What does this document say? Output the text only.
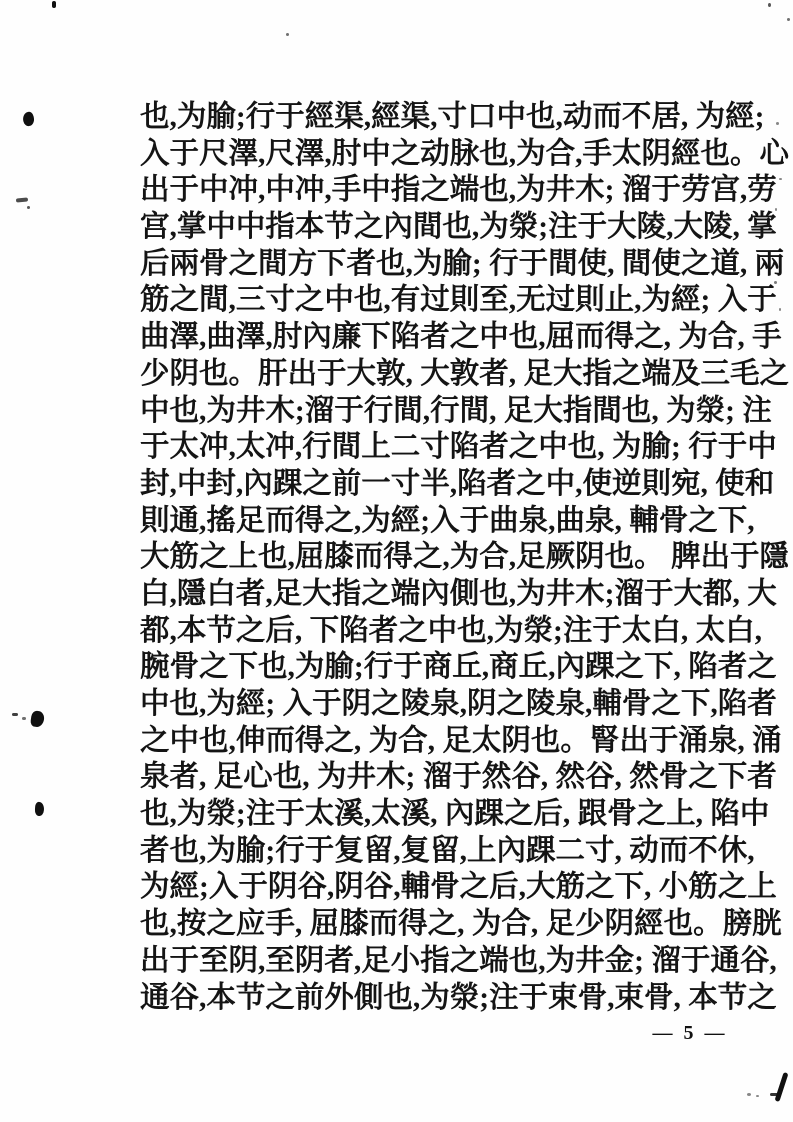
也,为腧;行于經渠,經渠,寸口中也,动而不居, 为經;
入于尺澤,尺澤,肘中之动脉也,为合,手太阴經也。心
出于中冲,中冲,手中指之端也,为井木; 溜于劳宫,劳
宫,掌中中指本节之內間也,为滎;注于大陵,大陵, 掌
后兩骨之間方下者也,为腧; 行于間使, 間使之道, 兩
筋之間,三寸之中也,有过則至,无过則止,为經; 入于
曲澤,曲澤,肘內廉下陷者之中也,屈而得之, 为合, 手
少阴也。肝出于大敦, 大敦者, 足大指之端及三毛之
中也,为井木;溜于行間,行間, 足大指間也, 为滎; 注
于太冲,太冲,行間上二寸陷者之中也, 为腧; 行于中
封,中封,內踝之前一寸半,陷者之中,使逆則宛, 使和
則通,搖足而得之,为經;入于曲泉,曲泉, 輔骨之下,
大筋之上也,屈膝而得之,为合,足厥阴也。 脾出于隱
白,隱白者,足大指之端內側也,为井木;溜于大都, 大
都,本节之后, 下陷者之中也,为滎;注于太白, 太白,
腕骨之下也,为腧;行于商丘,商丘,內踝之下, 陷者之
中也,为經; 入于阴之陵泉,阴之陵泉,輔骨之下,陷者
之中也,伸而得之, 为合, 足太阴也。腎出于涌泉, 涌
泉者, 足心也, 为井木; 溜于然谷, 然谷, 然骨之下者
也,为滎;注于太溪,太溪, 內踝之后, 跟骨之上, 陷中
者也,为腧;行于复留,复留,上內踝二寸, 动而不休,
为經;入于阴谷,阴谷,輔骨之后,大筋之下, 小筋之上
也,按之应手, 屈膝而得之, 为合, 足少阴經也。膀胱
出于至阴,至阴者,足小指之端也,为井金; 溜于通谷,
通谷,本节之前外側也,为滎;注于束骨,束骨, 本节之
— 5 —
